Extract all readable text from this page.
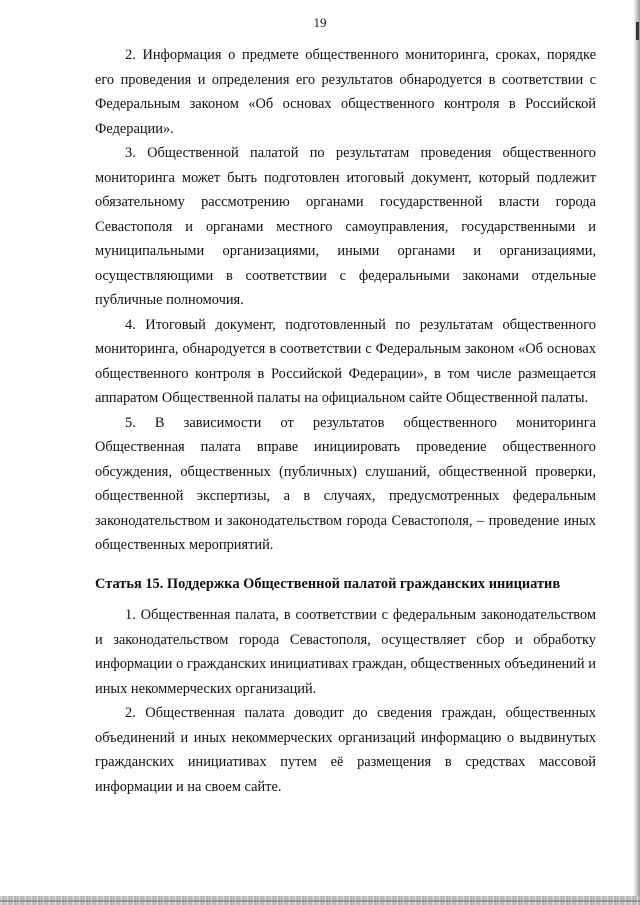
19

2. Информация о предмете общественного мониторинга, сроках, порядке его проведения и определения его результатов обнародуется в соответствии с Федеральным законом «Об основах общественного контроля в Российской Федерации».

3. Общественной палатой по результатам проведения общественного мониторинга может быть подготовлен итоговый документ, который подлежит обязательному рассмотрению органами государственной власти города Севастополя и органами местного самоуправления, государственными и муниципальными организациями, иными органами и организациями, осуществляющими в соответствии с федеральными законами отдельные публичные полномочия.

4. Итоговый документ, подготовленный по результатам общественного мониторинга, обнародуется в соответствии с Федеральным законом «Об основах общественного контроля в Российской Федерации», в том числе размещается аппаратом Общественной палаты на официальном сайте Общественной палаты.

5. В зависимости от результатов общественного мониторинга Общественная палата вправе инициировать проведение общественного обсуждения, общественных (публичных) слушаний, общественной проверки, общественной экспертизы, а в случаях, предусмотренных федеральным законодательством и законодательством города Севастополя, – проведение иных общественных мероприятий.

Статья 15. Поддержка Общественной палатой гражданских инициатив

1. Общественная палата, в соответствии с федеральным законодательством и законодательством города Севастополя, осуществляет сбор и обработку информации о гражданских инициативах граждан, общественных объединений и иных некоммерческих организаций.

2. Общественная палата доводит до сведения граждан, общественных объединений и иных некоммерческих организаций информацию о выдвинутых гражданских инициативах путем её размещения в средствах массовой информации и на своем сайте.
